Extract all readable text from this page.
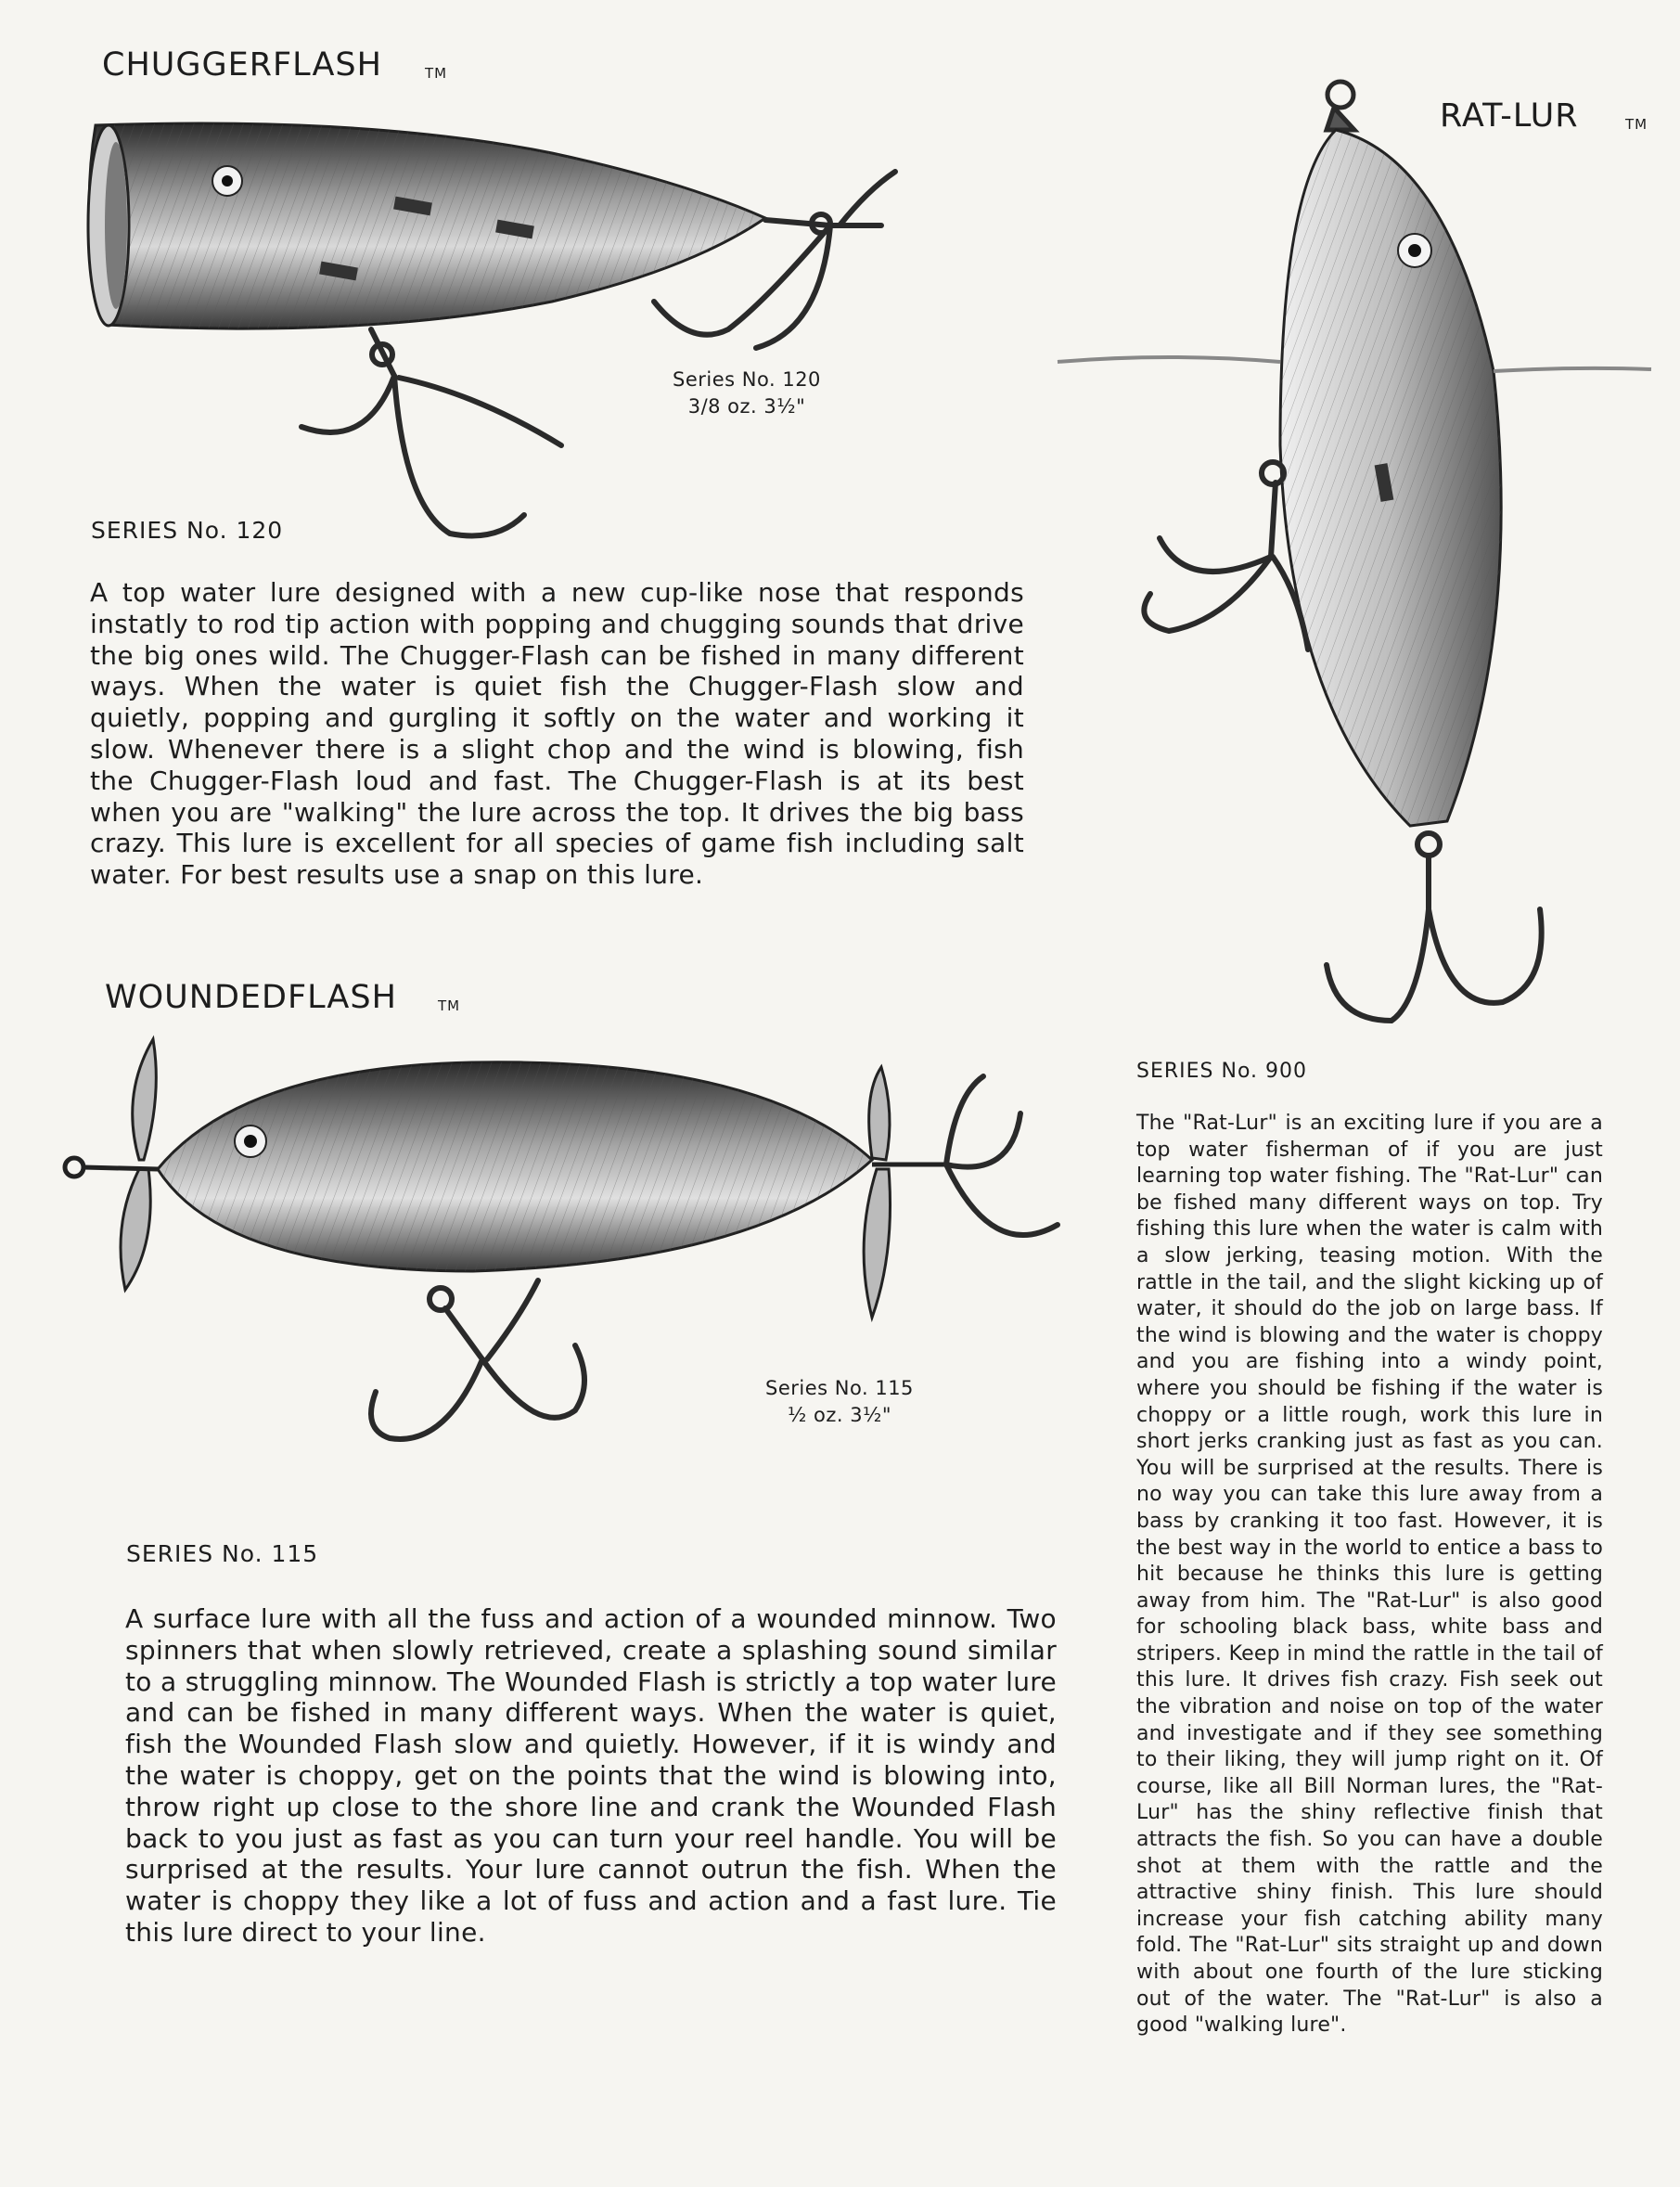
CHUGGERFLASH	TM
Series No. 120
3/8 oz. 3½"
SERIES No. 120
A top water lure designed with a new cup-like nose that responds instatly to rod tip action with popping and chugging sounds that drive the big ones wild. The Chugger-Flash can be fished in many different ways. When the water is quiet fish the Chugger-Flash slow and quietly, popping and gurgling it softly on the water and working it slow. Whenever there is a slight chop and the wind is blowing, fish the Chugger-Flash loud and fast. The Chugger-Flash is at its best when you are "walking" the lure across the top. It drives the big bass crazy. This lure is excellent for all species of game fish including salt water. For best results use a snap on this lure.
RAT-LUR	TM
SERIES No. 900
The "Rat-Lur" is an exciting lure if you are a top water fisherman of if you are just learning top water fishing. The "Rat-Lur" can be fished many different ways on top. Try fishing this lure when the water is calm with a slow jerking, teasing motion. With the rattle in the tail, and the slight kicking up of water, it should do the job on large bass. If the wind is blowing and the water is choppy and you are fishing into a windy point, where you should be fishing if the water is choppy or a little rough, work this lure in short jerks cranking just as fast as you can. You will be surprised at the results. There is no way you can take this lure away from a bass by cranking it too fast. However, it is the best way in the world to entice a bass to hit because he thinks this lure is getting away from him. The "Rat-Lur" is also good for schooling black bass, white bass and stripers. Keep in mind the rattle in the tail of this lure. It drives fish crazy. Fish seek out the vibration and noise on top of the water and investigate and if they see something to their liking, they will jump right on it. Of course, like all Bill Norman lures, the "Rat-Lur" has the shiny reflective finish that attracts the fish. So you can have a double shot at them with the rattle and the attractive shiny finish. This lure should increase your fish catching ability many fold. The "Rat-Lur" sits straight up and down with about one fourth of the lure sticking out of the water. The "Rat-Lur" is also a good "walking lure".
WOUNDEDFLASH	TM
Series No. 115
½ oz. 3½"
SERIES No. 115
A surface lure with all the fuss and action of a wounded minnow. Two spinners that when slowly retrieved, create a splashing sound similar to a struggling minnow. The Wounded Flash is strictly a top water lure and can be fished in many different ways. When the water is quiet, fish the Wounded Flash slow and quietly. However, if it is windy and the water is choppy, get on the points that the wind is blowing into, throw right up close to the shore line and crank the Wounded Flash back to you just as fast as you can turn your reel handle. You will be surprised at the results. Your lure cannot outrun the fish. When the water is choppy they like a lot of fuss and action and a fast lure. Tie this lure direct to your line.
